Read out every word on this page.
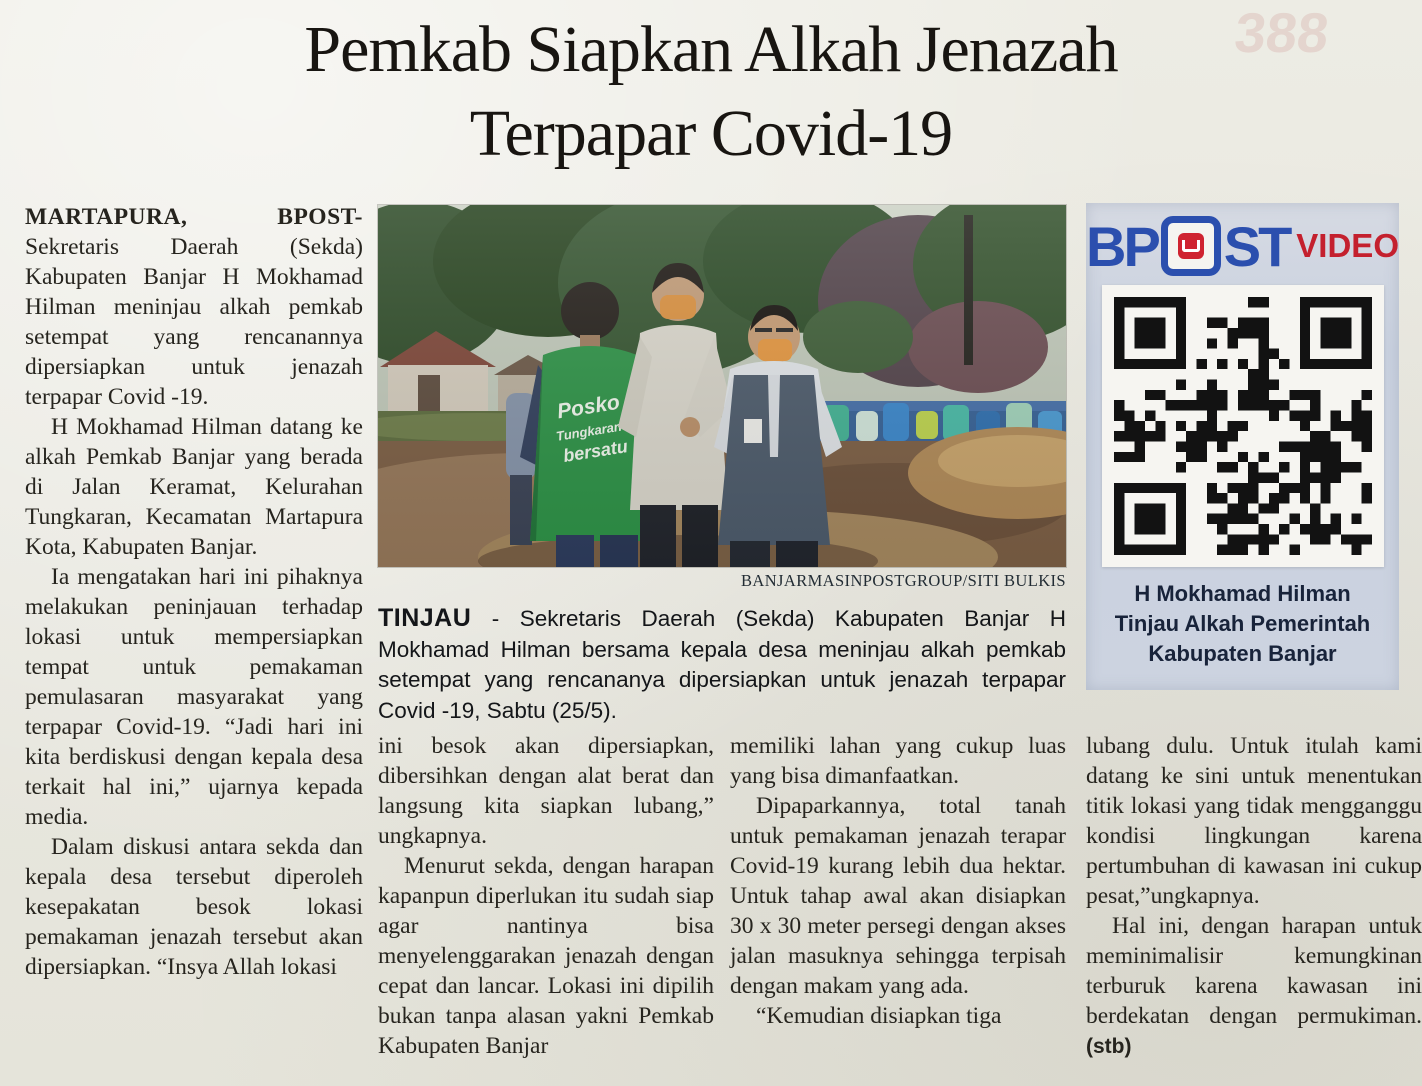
388
Pemkab Siapkan Alkah Jenazah
Terpapar Covid-19

MARTAPURA, BPOST- Sekretaris Daerah (Sekda) Kabupaten Banjar H Mokhamad Hilman meninjau alkah pemkab setempat yang rencanannya dipersiapkan untuk jenazah terpapar Covid -19.

H Mokhamad Hilman datang ke alkah Pemkab Banjar yang berada di Jalan Keramat, Kelurahan Tungkaran, Kecamatan Martapura Kota, Kabupaten Banjar.

Ia mengatakan hari ini pihaknya melakukan peninjauan terhadap lokasi untuk mempersiapkan tempat untuk pemakaman pemulasaran masyarakat yang terpapar Covid-19. “Jadi hari ini kita berdiskusi dengan kepala desa terkait hal ini,” ujarnya kepada media.

Dalam diskusi antara sekda dan kepala desa tersebut diperoleh kesepakatan besok lokasi pemakaman jenazah tersebut akan dipersiapkan. “Insya Allah lokasi

BANJARMASINPOSTGROUP/SITI BULKIS
TINJAU - Sekretaris Daerah (Sekda) Kabupaten Banjar H Mokhamad Hilman bersama kepala desa meninjau alkah pemkab setempat yang rencananya dipersiapkan untuk jenazah terpapar Covid -19, Sabtu (25/5).
BP ST VIDEO
H Mokhamad Hilman Tinjau Alkah Pemerintah Kabupaten Banjar

ini besok akan dipersiapkan, dibersihkan dengan alat berat dan langsung kita siapkan lubang,” ungkapnya.

Menurut sekda, dengan harapan kapanpun diperlukan itu sudah siap agar nantinya bisa menyelenggarakan jenazah dengan cepat dan lancar. Lokasi ini dipilih bukan tanpa alasan yakni Pemkab Kabupaten Banjar

memiliki lahan yang cukup luas yang bisa dimanfaatkan.

Dipaparkannya, total tanah untuk pemakaman jenazah terapar Covid-19 kurang lebih dua hektar. Untuk tahap awal akan disiapkan 30 x 30 meter persegi dengan akses jalan masuknya sehingga terpisah dengan makam yang ada.

“Kemudian disiapkan tiga

lubang dulu. Untuk itulah kami datang ke sini untuk menentukan titik lokasi yang tidak mengganggu kondisi lingkungan karena pertumbuhan di kawasan ini cukup pesat,”ungkapnya.

Hal ini, dengan harapan untuk meminimalisir kemungkinan terburuk karena kawasan ini berdekatan dengan permukiman. (stb)
